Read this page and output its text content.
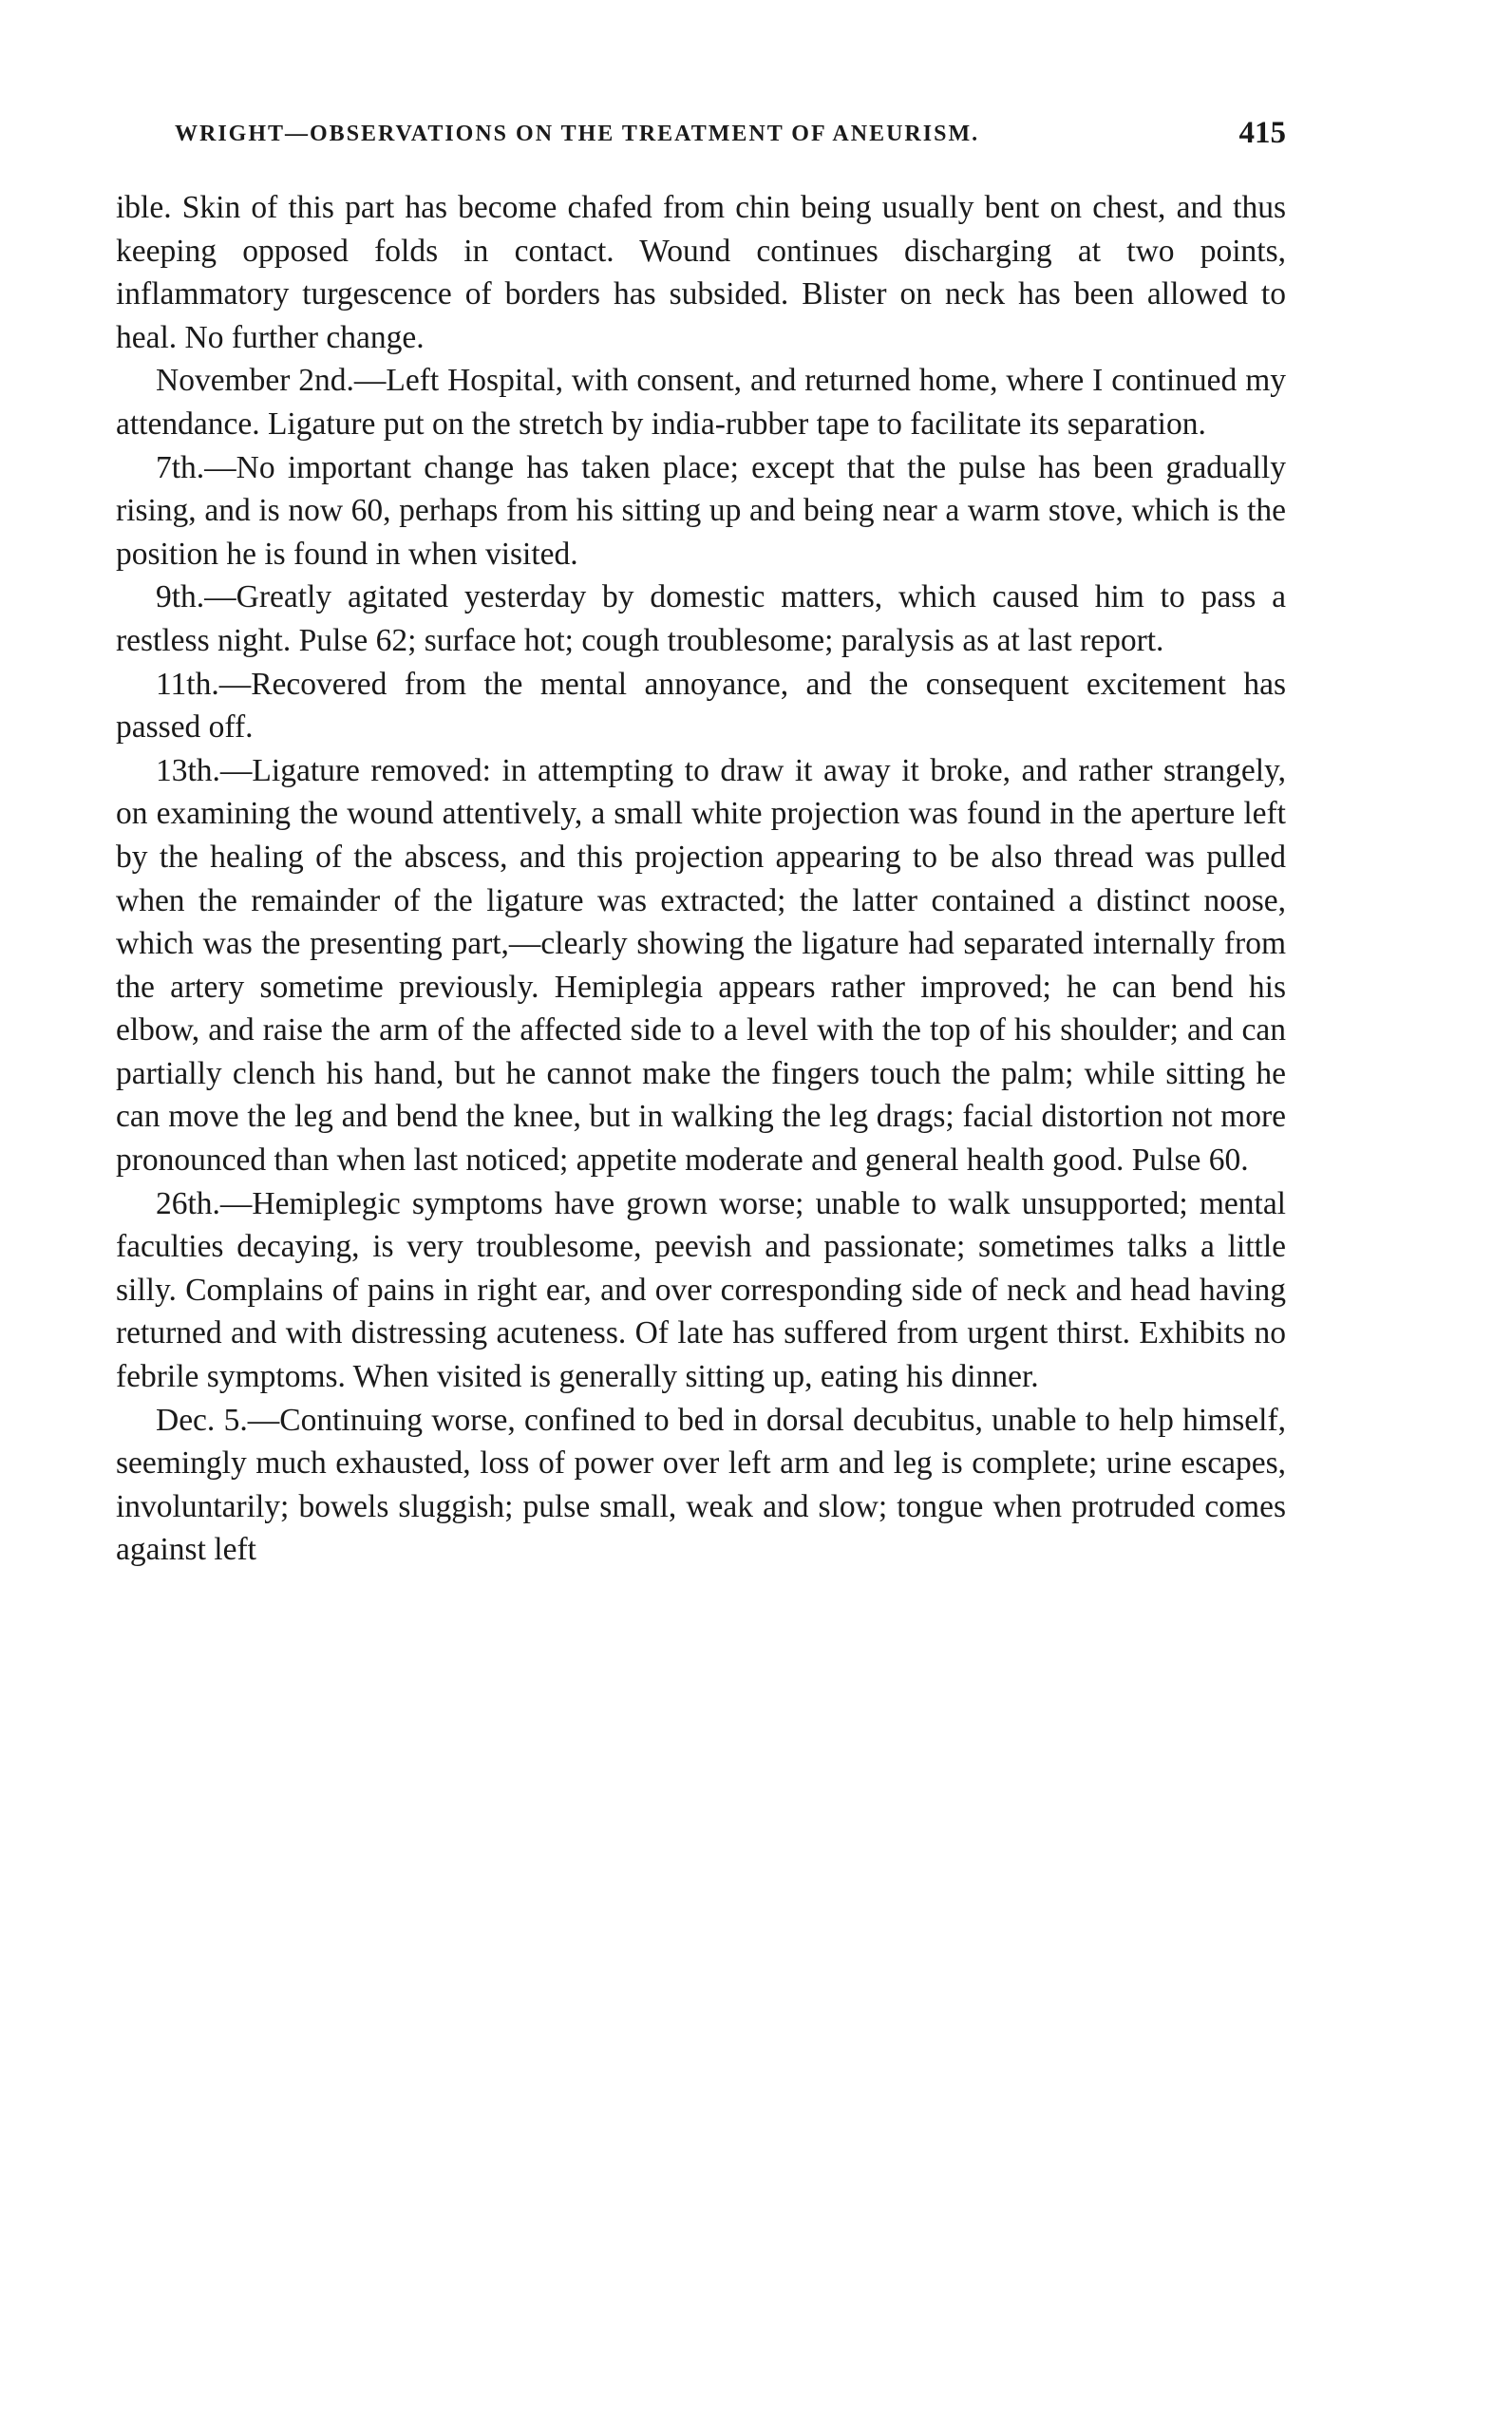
WRIGHT—OBSERVATIONS ON THE TREATMENT OF ANEURISM.	415

ible. Skin of this part has become chafed from chin being usually bent on chest, and thus keeping opposed folds in contact. Wound continues discharging at two points, inflammatory turgescence of borders has subsided. Blister on neck has been allowed to heal. No further change.

November 2nd.—Left Hospital, with consent, and returned home, where I continued my attendance. Ligature put on the stretch by india-rubber tape to facilitate its separation.

7th.—No important change has taken place; except that the pulse has been gradually rising, and is now 60, perhaps from his sitting up and being near a warm stove, which is the position he is found in when visited.

9th.—Greatly agitated yesterday by domestic matters, which caused him to pass a restless night. Pulse 62; surface hot; cough troublesome; paralysis as at last report.

11th.—Recovered from the mental annoyance, and the consequent excitement has passed off.

13th.—Ligature removed: in attempting to draw it away it broke, and rather strangely, on examining the wound attentively, a small white projection was found in the aperture left by the healing of the abscess, and this projection appearing to be also thread was pulled when the remainder of the ligature was extracted; the latter contained a distinct noose, which was the presenting part,—clearly showing the ligature had separated internally from the artery sometime previously. Hemiplegia appears rather improved; he can bend his elbow, and raise the arm of the affected side to a level with the top of his shoulder; and can partially clench his hand, but he cannot make the fingers touch the palm; while sitting he can move the leg and bend the knee, but in walking the leg drags; facial distortion not more pronounced than when last noticed; appetite moderate and general health good. Pulse 60.

26th.—Hemiplegic symptoms have grown worse; unable to walk unsupported; mental faculties decaying, is very troublesome, peevish and passionate; sometimes talks a little silly. Complains of pains in right ear, and over corresponding side of neck and head having returned and with distressing acuteness. Of late has suffered from urgent thirst. Exhibits no febrile symptoms. When visited is generally sitting up, eating his dinner.

Dec. 5.—Continuing worse, confined to bed in dorsal decubitus, unable to help himself, seemingly much exhausted, loss of power over left arm and leg is complete; urine escapes, involuntarily; bowels sluggish; pulse small, weak and slow; tongue when protruded comes against left
